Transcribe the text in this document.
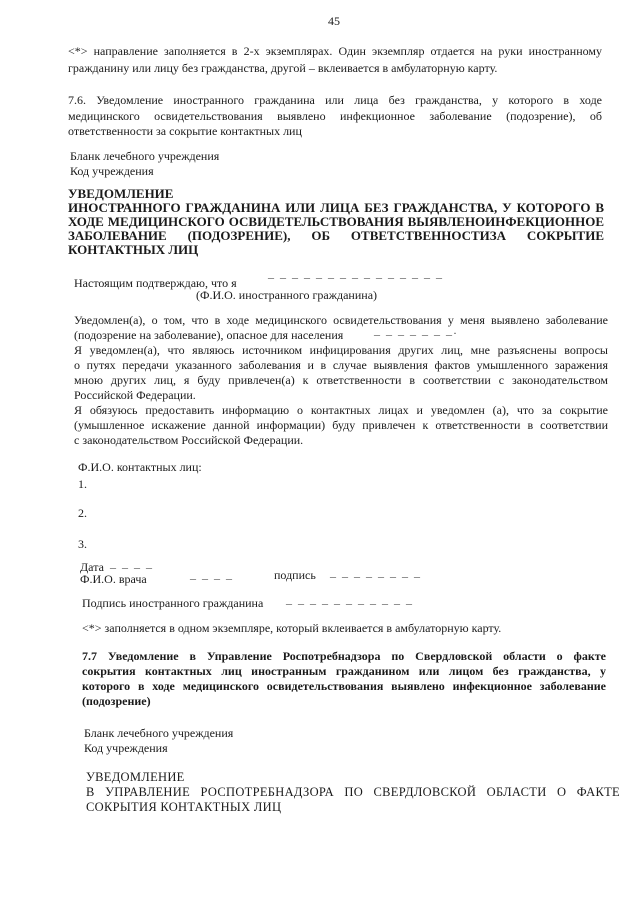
45
<*> направление заполняется в 2-х экземплярах. Один экземпляр отдается на руки иностранному
гражданину или лицу без гражданства, другой – вклеивается в амбулаторную карту.
7.6. Уведомление иностранного гражданина или лица без гражданства, у которого в ходе
медицинского освидетельствования выявлено инфекционное заболевание (подозрение), об
ответственности за сокрытие контактных лиц
Бланк лечебного учреждения
Код учреждения
УВЕДОМЛЕНИЕ
ИНОСТРАННОГО ГРАЖДАНИНА ИЛИ ЛИЦА БЕЗ ГРАЖДАНСТВА, У КОТОРОГО В
ХОДЕ МЕДИЦИНСКОГО ОСВИДЕТЕЛЬСТВОВАНИЯ ВЫЯВЛЕНОИНФЕКЦИОННОЕ
ЗАБОЛЕВАНИЕ (ПОДОЗРЕНИЕ), ОБ ОТВЕТСТВЕННОСТИЗА СОКРЫТИЕ
КОНТАКТНЫХ ЛИЦ
Настоящим подтверждаю, что я
_ _ _ _ _ _ _ _ _ _ _ _ _ _ _
(Ф.И.О. иностранного гражданина)
Уведомлен(а), о том, что в ходе медицинского освидетельствования у меня выявлено заболевание
(подозрение на заболевание), опасное для населения	_ _ _ _ _ _ _.
Я уведомлен(а), что являюсь источником инфицирования других лиц, мне разъяснены вопросы
о путях передачи указанного заболевания и в случае выявления фактов умышленного заражения
мною других лиц, я буду привлечен(а) к ответственности в соответствии с законодательством
Российской Федерации.
Я обязуюсь предоставить информацию о контактных лицах и уведомлен (а), что за сокрытие
(умышленное искажение данной информации) буду привлечен к ответственности в соответствии
с законодательством Российской Федерации.
Ф.И.О. контактных лиц:
1.
2.
3.
Дата _ _ _ _
Ф.И.О. врача	_ _ _ _	подпись _ _ _ _ _ _ _ _
Подпись иностранного гражданина _ _ _ _ _ _ _ _ _ _ _
<*> заполняется в одном экземпляре, который вклеивается в амбулаторную карту.
7.7 Уведомление в Управление Роспотребнадзора по Свердловской области о факте
сокрытия контактных лиц иностранным гражданином или лицом без гражданства, у
которого в ходе медицинского освидетельствования выявлено инфекционное заболевание
(подозрение)
Бланк лечебного учреждения
Код учреждения
УВЕДОМЛЕНИЕ
В УПРАВЛЕНИЕ РОСПОТРЕБНАДЗОРА ПО СВЕРДЛОВСКОЙ ОБЛАСТИ О ФАКТЕ
СОКРЫТИЯ КОНТАКТНЫХ ЛИЦ
